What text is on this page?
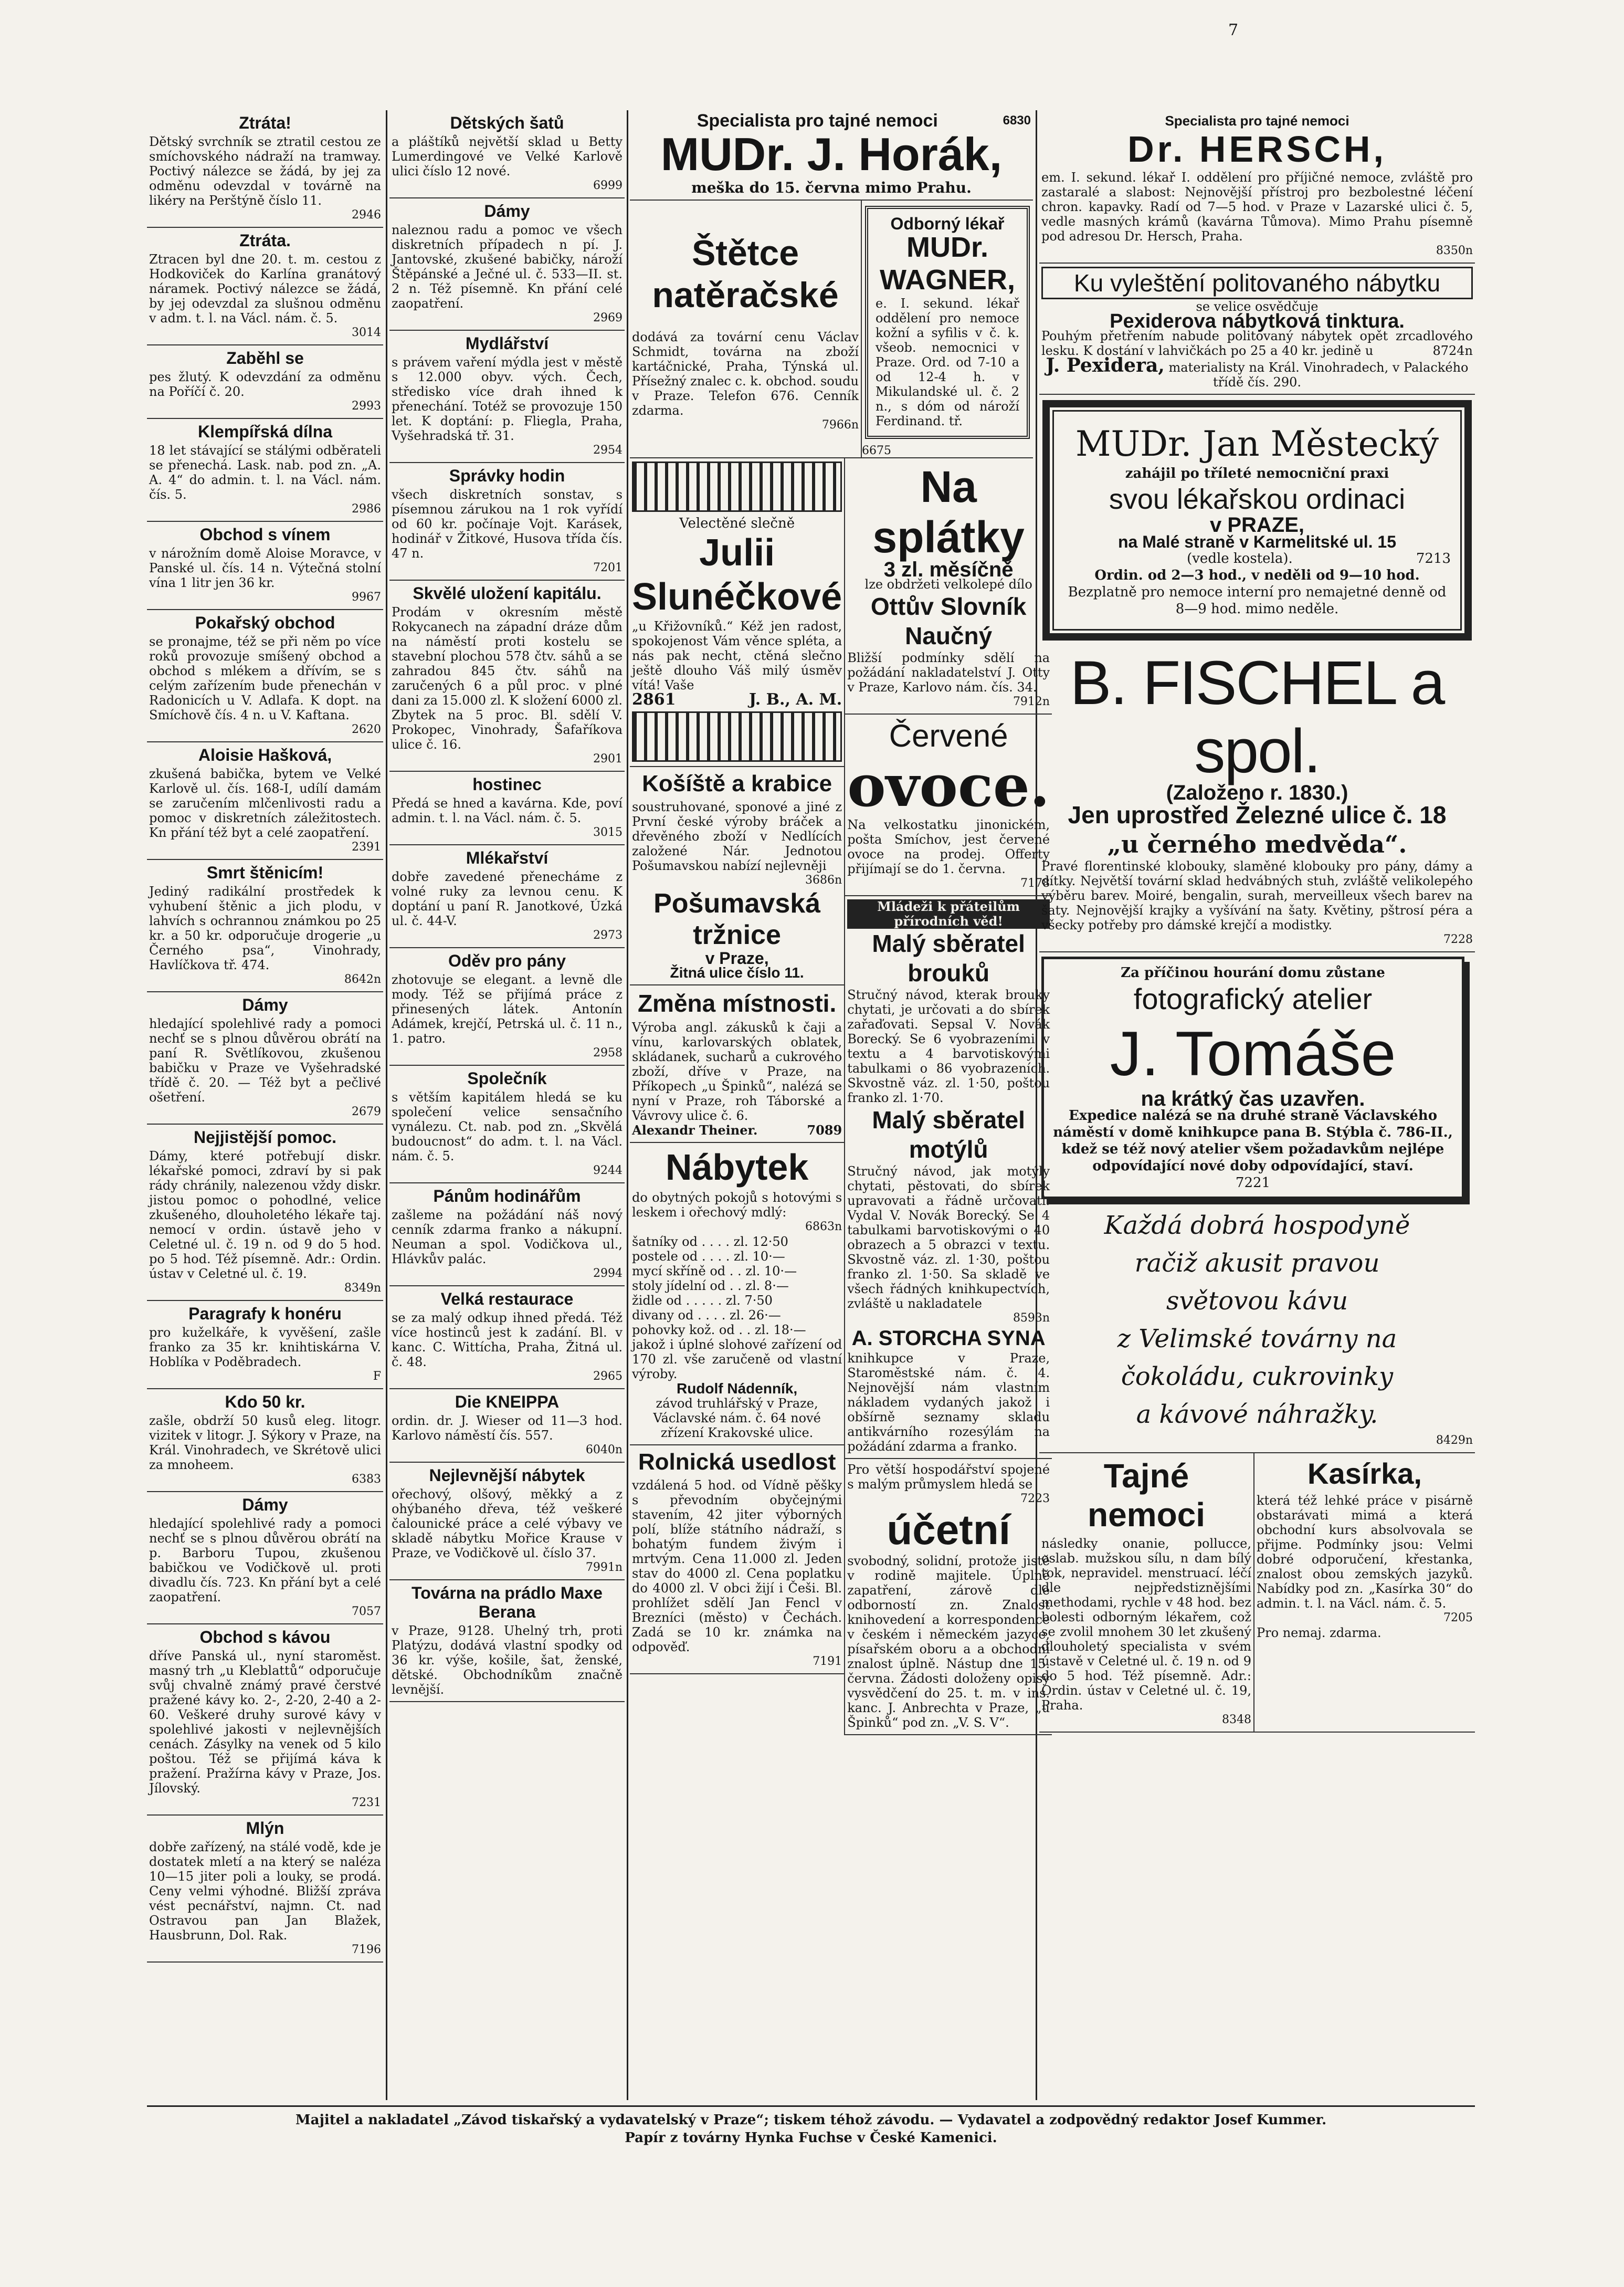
7
Ztráta!
Dětský svrchník se ztratil cestou ze smíchovského nádraží na tramway. Poctivý nálezce se žádá, by jej za odměnu odevzdal v továrně na likéry na Perštýně číslo 11.
2946
Ztráta.
Ztracen byl dne 20. t. m. cestou z Hodkoviček do Karlína granátový náramek. Poctivý nálezce se žádá, by jej odevzdal za slušnou odměnu v adm. t. l. na Václ. nám. č. 5.
3014
Zaběhl se
pes žlutý. K odevzdání za odměnu na Poříčí č. 20.
2993
Klempířská dílna
18 let stávající se stálými odběrateli se přenechá. Lask. nab. pod zn. „A. A. 4“ do admin. t. l. na Václ. nám. čís. 5.
2986
Obchod s vínem
v nárožním domě Aloise Moravce, v Panské ul. čís. 14 n. Výtečná stolní vína 1 litr jen 36 kr.
9967
Pokařský obchod
se pronajme, též se při něm po více roků provozuje smíšený obchod a obchod s mlékem a dřívím, se s celým zařízením bude přenechán v Radonicích u V. Adlafa. K dopt. na Smíchově čís. 4 n. u V. Kaftana.
2620
Aloisie Hašková,
zkušená babička, bytem ve Velké Karlově ul. čís. 168-I, udílí damám se zaručením mlčenlivosti radu a pomoc v diskretních záležitostech. Kn přání též byt a celé zaopatření.
2391
Smrt štěnicím!
Jediný radikální prostředek k vyhubení štěnic a jich plodu, v lahvích s ochrannou známkou po 25 kr. a 50 kr. odporučuje drogerie „u Černého psa“, Vinohrady, Havlíčkova tř. 474.
8642n
Dámy
hledající spolehlivé rady a pomoci nechť se s plnou důvěrou obrátí na paní R. Světlíkovou, zkušenou babičku v Praze ve Vyšehradské třídě č. 20. — Též byt a pečlivé ošetření.
2679
Nejjistější pomoc.
Dámy, které potřebují diskr. lékařské pomoci, zdraví by si pak rády chránily, nalezenou vždy diskr. jistou pomoc o pohodlné, velice zkušeného, dlouholetého lékaře taj. nemocí v ordin. ústavě jeho v Celetné ul. č. 19 n. od 9 do 5 hod. po 5 hod. Též písemně. Adr.: Ordin. ústav v Celetné ul. č. 19.
8349n
Paragrafy k honéru
pro kuželkáře, k vyvěšení, zašle franko za 35 kr. knihtiskárna V. Hoblíka v Poděbradech.
F
Kdo 50 kr.
zašle, obdrží 50 kusů eleg. litogr. vizitek v litogr. J. Sýkory v Praze, na Král. Vinohradech, ve Skrétově ulici za mnoheem.
6383
Dámy
hledající spolehlivé rady a pomoci nechť se s plnou důvěrou obrátí na p. Barboru Tupou, zkušenou babičkou ve Vodičkově ul. proti divadlu čís. 723. Kn přání byt a celé zaopatření.
7057
Obchod s kávou
dříve Panská ul., nyní staroměst. masný trh „u Kleblattů“ odporučuje svůj chvalně známý pravé čerstvé pražené kávy ko. 2-, 2-20, 2-40 a 2-60. Veškeré druhy surové kávy v spolehlivé jakosti v nejlevnějších cenách. Zásylky na venek od 5 kilo poštou. Též se přijímá káva k pražení. Pražírna kávy v Praze, Jos. Jílovský.
7231
Mlýn
dobře zařízený, na stálé vodě, kde je dostatek mletí a na který se naléza 10—15 jiter poli a louky, se prodá. Ceny velmi výhodné. Bližší zpráva vést pecnářství, najmn. Ct. nad Ostravou pan Jan Blažek, Hausbrunn, Dol. Rak.
7196
Dětských šatů
a pláštíků největší sklad u Betty Lumerdingové ve Velké Karlově ulici číslo 12 nové.
6999
Dámy
naleznou radu a pomoc ve všech diskretních případech n pí. J. Jantovské, zkušené babičky, nároží Štěpánské a Ječné ul. č. 533—II. st. 2 n. Též písemně. Kn přání celé zaopatření.
2969
Mydlářství
s právem vaření mýdla jest v městě s 12.000 obyv. vých. Čech, středisko více drah ihned k přenechání. Totéž se provozuje 150 let. K doptání: p. Fliegla, Praha, Vyšehradská tř. 31.
2954
Správky hodin
všech diskretních sonstav, s písemnou zárukou na 1 rok vyřídí od 60 kr. počínaje Vojt. Karásek, hodinář v Žitkové, Husova třída čís. 47 n.
7201
Skvělé uložení kapitálu.
Prodám v okresním městě Rokycanech na západní dráze dům na náměstí proti kostelu se stavební plochou 578 čtv. sáhů a se zahradou 845 čtv. sáhů na zaručených 6 a půl proc. v plné dani za 15.000 zl. K složení 6000 zl. Zbytek na 5 proc. Bl. sdělí V. Prokopec, Vinohrady, Šafaříkova ulice č. 16.
2901
hostinec
Předá se hned a kavárna. Kde, poví admin. t. l. na Václ. nám. č. 5.
3015
Mlékařství
dobře zavedené přenecháme z volné ruky za levnou cenu. K doptání u paní R. Janotkové, Úzká ul. č. 44-V.
2973
Oděv pro pány
zhotovuje se elegant. a levně dle mody. Též se přijímá práce z přinesených látek. Antonín Adámek, krejčí, Petrská ul. č. 11 n., 1. patro.
2958
Společník
s větším kapitálem hledá se ku společení velice sensačního vynálezu. Ct. nab. pod zn. „Skvělá budoucnost“ do adm. t. l. na Václ. nám. č. 5.
9244
Pánům hodinářům
zašleme na požádání náš nový cenník zdarma franko a nákupní. Neuman a spol. Vodičkova ul., Hlávkův palác.
2994
Velká restaurace
se za malý odkup ihned předá. Též více hostinců jest k zadání. Bl. v kanc. C. Wittícha, Praha, Žitná ul. č. 48.
2965
Die KNEIPPA
ordin. dr. J. Wieser od 11—3 hod. Karlovo náměstí čís. 557.
6040n
Nejlevnější nábytek
ořechový, olšový, měkký a z ohýbaného dřeva, též veškeré čalounické práce a celé výbavy ve skladě nábytku Mořice Krause v Praze, ve Vodičkově ul. číslo 37.
7991n
Továrna na prádlo Maxe Berana
v Praze, 9128. Uhelný trh, proti Platýzu, dodává vlastní spodky od 36 kr. výše, košile, šat, ženské, dětské. Obchodníkům značně levnější.
Specialista pro tajné nemoci	6830
MUDr. J. Horák,
meška do 15. června mimo Prahu.
Štětce natěračské
dodává za tovární cenu Václav Schmidt, továrna na zboží kartáčnické, Praha, Týnská ul. Přísežný znalec c. k. obchod. soudu v Praze. Telefon 676. Cenník zdarma.
7966n
Odborný lékař
MUDr. WAGNER,
e. I. sekund. lékař oddělení pro nemoce kožní a syfilis v č. k. všeob. nemocnici v Praze. Ord. od 7-10 a od 12-4 h. v Mikulandské ul. č. 2 n., s dóm od nároží Ferdinand. tř.
6675
Velectěné slečně
Julii Slunéčkové
„u Křižovníků.“ Kéž jen radost, spokojenost Vám věnce spléta, a nás pak necht, ctěná slečno ještě dlouho Váš milý úsměv vítá! Vaše
2861	J. B., A. M.
Košíště a krabice
soustruhované, sponové a jiné z První české výroby bráček a dřevěného zboží v Nedlících založené Nár. Jednotou Pošumavskou nabízí nejlevněji
3686n
Pošumavská tržnice
v Praze,
Žitná ulice číslo 11.
Změna místnosti.
Výroba angl. zákusků k čaji a vínu, karlovarských oblatek, skládanek, sucharů a cukrového zboží, dříve v Praze, na Příkopech „u Špinků“, nalézá se nyní v Praze, roh Táborské a Vávrovy ulice č. 6.
Alexandr Theiner.	7089
Nábytek
do obytných pokojů s hotovými s leskem i ořechový mdlý:
6863n
šatníky od . . . . zl. 12·50
postele od . . . . zl. 10·—
mycí skříně od . . zl. 10·—
stoly jídelní od . . zl. 8·—
židle od . . . . . zl. 7·50
divany od . . . . zl. 26·—
pohovky kož. od . . zl. 18·—
jakož i úplné slohové zařízení od 170 zl. vše zaručeně od vlastní výroby.
Rudolf Nádenník,
závod truhlářský v Praze, Václavské nám. č. 64 nové zřízení Krakovské ulice.
Rolnická usedlost
vzdálená 5 hod. od Vídně pěšky s převodním obyčejnými stavením, 42 jiter výborných polí, blíže státního nádraží, s bohatým fundem živým i mrtvým. Cena 11.000 zl. Jeden stav do 4000 zl. Cena poplatku do 4000 zl. V obci žijí i Češi. Bl. prohlížet sdělí Jan Fencl v Brezníci (město) v Čechách. Zadá se 10 kr. známka na odpověď.
7191
Na splátky
3 zl. měsíčně
lze obdržeti velkolepé dílo
Ottův Slovník Naučný
Bližší podmínky sdělí na požádání nakladatelství J. Otty v Praze, Karlovo nám. čís. 34.
7912n
Červené
ovoce.
Na velkostatku jinonickém, pošta Smíchov, jest červené ovoce na prodej. Offerty přijímají se do 1. června.
7178
Mládeži k přáteilům přírodních věd!
Malý sběratel brouků
Stručný návod, kterak brouky chytati, je určovati a do sbírek zařaďovati. Sepsal V. Novák Borecký. Se 6 vyobrazeními v textu a 4 barvotiskovými tabulkami o 86 vyobrazeních. Skvostně váz. zl. 1·50, poštou franko zl. 1·70.
Malý sběratel motýlů
Stručný návod, jak motýly chytati, pěstovati, do sbírek upravovati a řádně určovati. Vydal V. Novák Borecký. Se 4 tabulkami barvotiskovými o 40 obrazech a 5 obrazci v textu. Skvostně váz. zl. 1·30, poštou franko zl. 1·50. Sa skladě ve všech řádných knihkupectvích, zvláště u nakladatele
8593n
A. STORCHA SYNA
knihkupce v Praze, Staroměstské nám. č. 4. Nejnovější nám vlastním nákladem vydaných jakož i obšírně seznamy skladu antikvárního rozesýlám na požádání zdarma a franko.
Pro větší hospodářství spojené s malým průmyslem hledá se
7223
účetní
svobodný, solidní, protože jistě v rodině majitele. Úplně zapatření, zárově dle odborností zn. Znalost knihovedení a korrespondence v českém i německém jazyce, písařském oboru a a obchodní znalost úplně. Nástup dne 15. června. Žádosti doloženy opisy vysvědčení do 25. t. m. v ins. kanc. J. Anbrechta v Praze, „u Špinků“ pod zn. „V. S. V“.
Specialista pro tajné nemoci
Dr. HERSCH,
em. I. sekund. lékař I. oddělení pro příjičné nemoce, zvláště pro zastaralé a slabost: Nejnovější přístroj pro bezbolestné léčení chron. kapavky. Radí od 7—5 hod. v Praze v Lazarské ulici č. 5, vedle masných krámů (kavárna Tůmova). Mimo Prahu písemně pod adresou Dr. Hersch, Praha.
8350n
Ku vyleštění politovaného nábytku
se velice osvědčuje
Pexiderova nábytková tinktura.
Pouhým přetřením nabude politovaný nábytek opět zrcadlového lesku. K dostání v lahvičkách po 25 a 40 kr. jedině u	8724n
J. Pexidera, materialisty na Král. Vinohradech, v Palackého třídě čís. 290.
MUDr. Jan Městecký
zahájil po tříleté nemocniční praxi
svou lékařskou ordinaci
v PRAZE,
na Malé straně v Karmelitské ul. 15
(vedle kostela).	7213
Ordin. od 2—3 hod., v neděli od 9—10 hod.
Bezplatně pro nemoce interní pro nemajetné denně od 8—9 hod. mimo neděle.
B. FISCHEL a spol.
(Založeno r. 1830.)
Jen uprostřed Železné ulice č. 18
„u černého medvěda“.
Pravé florentinské klobouky, slaměné klobouky pro pány, dámy a dítky. Největší tovární sklad hedvábných stuh, zvláště velikolepého výběru barev. Moiré, bengalin, surah, merveilleux všech barev na šaty. Nejnovější krajky a vyšívání na šaty. Květiny, pštrosí péra a všecky potřeby pro dámské krejčí a modistky.
7228
Za příčinou hourání domu zůstane
fotografický atelier
J. Tomáše
na krátký čas uzavřen.
Expedice nalézá se na druhé straně Václavského náměstí v domě knihkupce pana B. Stýbla č. 786-II., kdež se též nový atelier všem požadavkům nejlépe odpovídající nové doby odpovídající, staví.
7221
Každá dobrá hospodyně
račiž akusit pravou
světovou kávu
z Velimské továrny na
čokoládu, cukrovinky
a kávové náhražky.
8429n
Tajné nemoci
následky onanie, pollucce, oslab. mužskou sílu, n dam bílý tok, nepravidel. menstruací. léčí dle nejpředstiznějšími methodami, rychle v 48 hod. bez bolesti odborným lékařem, což se zvolil mnohem 30 let zkušený dlouholetý specialista v svém ústavě v Celetné ul. č. 19 n. od 9 do 5 hod. Též písemně. Adr.: Ordin. ústav v Celetné ul. č. 19, Praha.
8348
Kasírka,
která též lehké práce v pisárně obstarávati mimá a která obchodní kurs absolvovala se přijme. Podmínky jsou: Velmi dobré odporučení, křestanka, znalost obou zemských jazyků. Nabídky pod zn. „Kasírka 30“ do admin. t. l. na Václ. nám. č. 5.
7205
Pro nemaj. zdarma.
Majitel a nakladatel „Závod tiskařský a vydavatelský v Praze“; tiskem téhož závodu. — Vydavatel a zodpovědný redaktor Josef Kummer.
Papír z továrny Hynka Fuchse v České Kamenici.
